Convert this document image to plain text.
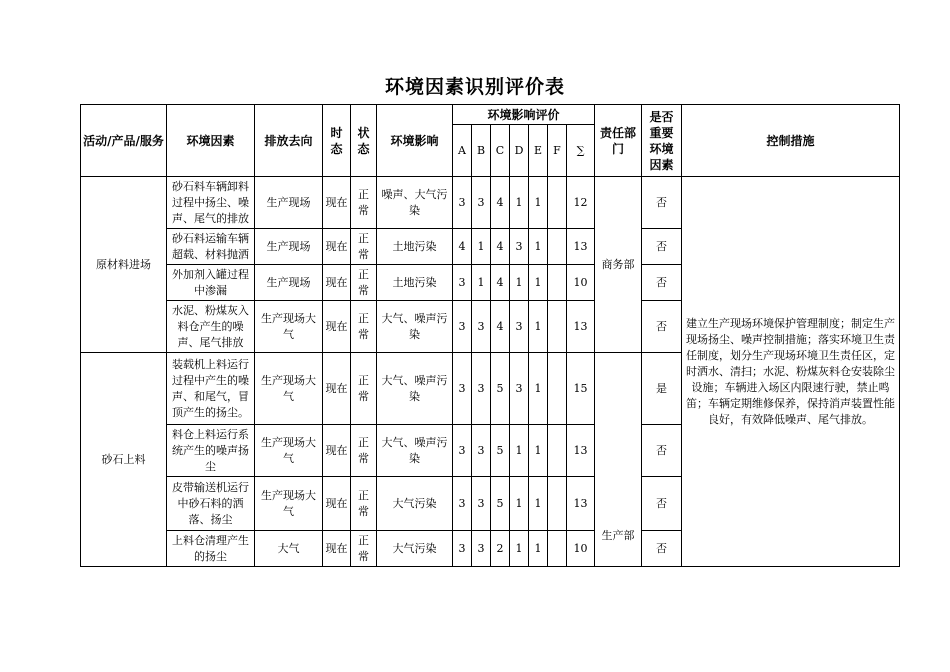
环境因素识别评价表
活动/产品/服务	环境因素	排放去向	时态	状态	环境影响	环境影响评价							责任部门	是否重要环境因素	控制措施
						A	B	C	D	E	F	∑			
原材料进场	砂石料车辆卸料过程中扬尘、噪声、尾气的排放	生产现场	现在	正常	噪声、大气污染	3	3	4	1	1		12	商务部	否	建立生产现场环境保护管理制度；制定生产现场扬尘、噪声控制措施；落实环境卫生责任制度，划分生产现场环境卫生责任区，定时洒水、清扫；水泥、粉煤灰料仓安装除尘设施；车辆进入场区内限速行驶，禁止鸣笛；车辆定期维修保养，保持消声装置性能良好，有效降低噪声、尾气排放。
	砂石料运输车辆超载、材料抛洒	生产现场	现在	正常	土地污染	4	1	4	3	1		13		否	
	外加剂入罐过程中渗漏	生产现场	现在	正常	土地污染	3	1	4	1	1		10		否	
	水泥、粉煤灰入料仓产生的噪声、尾气排放	生产现场大气	现在	正常	大气、噪声污染	3	3	4	3	1		13		否	
砂石上料	装载机上料运行过程中产生的噪声、和尾气，冒顶产生的扬尘。	生产现场大气	现在	正常	大气、噪声污染	3	3	5	3	1		15	生产部	是	
	料仓上料运行系统产生的噪声扬尘	生产现场大气	现在	正常	大气、噪声污染	3	3	5	1	1		13		否	
	皮带输送机运行中砂石料的洒落、扬尘	生产现场大气	现在	正常	大气污染	3	3	5	1	1		13		否	
	上料仓清理产生的扬尘	大气	现在	正常	大气污染	3	3	2	1	1		10		否	
